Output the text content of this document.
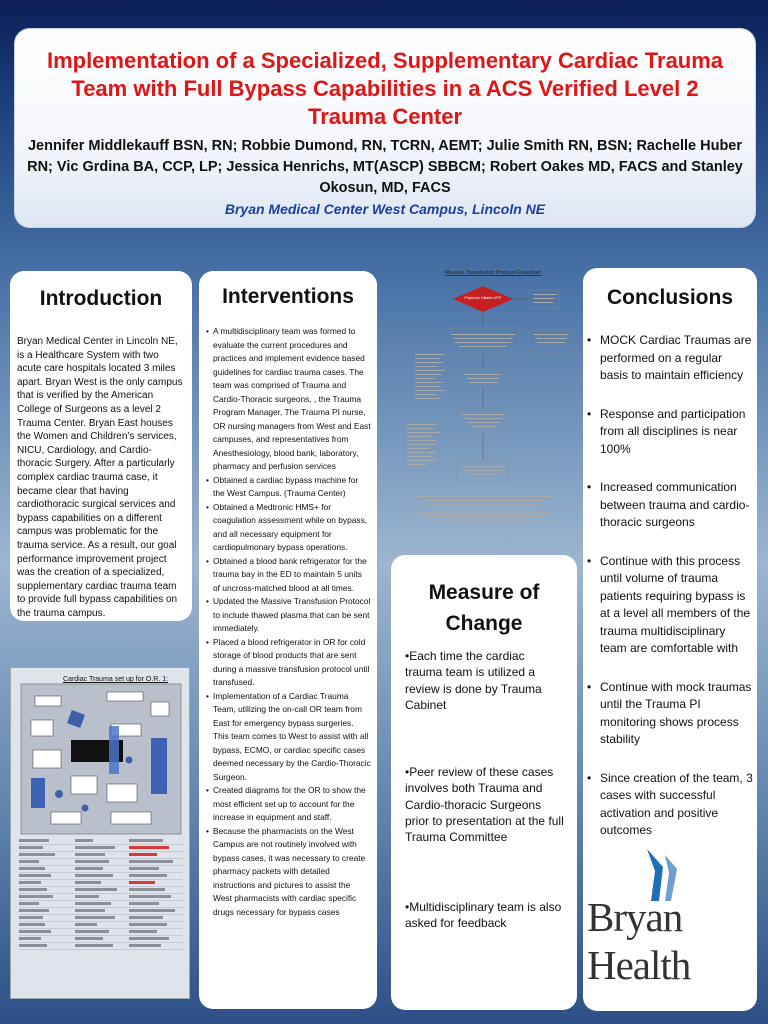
Implementation of a Specialized, Supplementary Cardiac Trauma Team with Full Bypass Capabilities in a ACS Verified Level 2 Trauma Center
Jennifer Middlekauff BSN, RN; Robbie Dumond, RN, TCRN, AEMT; Julie Smith RN, BSN; Rachelle Huber RN; Vic Grdina BA, CCP, LP; Jessica Henrichs, MT(ASCP) SBBCM; Robert Oakes MD, FACS and Stanley Okosun, MD, FACS
Bryan Medical Center West Campus, Lincoln NE
Introduction
Bryan Medical Center in Lincoln NE, is a Healthcare System with two acute care hospitals located 3 miles apart. Bryan West is the only campus that is verified by the American College of Surgeons as a level 2 Trauma Center. Bryan East houses the Women and Children's services, NICU, Cardiology, and Cardio-thoracic Surgery. After a particularly complex cardiac trauma case, it became clear that having cardiothoracic surgical services and bypass capabilities on a different campus was problematic for the trauma service. As a result, our goal performance improvement project was the creation of a specialized, supplementary cardiac trauma team to provide full bypass capabilities on the trauma campus.
Cardiac Trauma set up for O.R. 1:
Interventions
• A multidisciplinary team was formed to evaluate the current procedures and practices and implement evidence based guidelines for cardiac trauma cases. The team was comprised of Trauma and Cardio-Thoracic surgeons, , the Trauma Program Manager, The Trauma PI nurse, OR nursing managers from West and East campuses, and representatives from Anesthesiology, blood bank, laboratory, pharmacy and perfusion services
• Obtained a cardiac bypass machine for the West Campus. (Trauma Center)
• Obtained a Medtronic HMS+ for coagulation assessment while on bypass, and all necessary equipment for cardiopulmonary bypass operations.
• Obtained a blood bank refrigerator for the trauma bay in the ED to maintain 5 units of uncross-matched blood at all times.
• Updated the Massive Transfusion Protocol to include thawed plasma that can be sent immediately.
• Placed a blood refrigerator in OR for cold storage of blood products that are sent during a massive transfusion protocol until transfused.
• Implementation of a Cardiac Trauma Team, utilizing the on-call OR team from East for emergency bypass surgeries. This team comes to West to assist with all bypass, ECMO, or cardiac specific cases deemed necessary by the Cardio-Thoracic Surgeon.
• Created diagrams for the OR to show the most efficient set up to account for the increase in equipment and staff.
• Because the pharmacists on the West Campus are not routinely involved with bypass cases, it was necessary to create pharmacy packets with detailed instructions and pictures to assist the West pharmacists with cardiac specific drugs necessary for bypass cases
Massive Transfusion Protocol Flowchart
Physician Initiates MTP
Measure of Change
•Each time the cardiac trauma team is utilized a review is done by Trauma Cabinet
•Peer review of these cases involves both Trauma and Cardio-thoracic Surgeons prior to presentation at the full Trauma Committee
•Multidisciplinary team is also asked for feedback
Conclusions
• MOCK Cardiac Traumas are performed on a regular basis to maintain efficiency
• Response and participation from all disciplines is near 100%
• Increased communication between trauma and cardio-thoracic surgeons
• Continue with this process until volume of trauma patients requiring bypass is at a level all members of the trauma multidisciplinary team are comfortable with
• Continue with mock traumas until the Trauma PI monitoring shows process stability
• Since creation of the team, 3 cases with successful activation and positive outcomes
Bryan Health
